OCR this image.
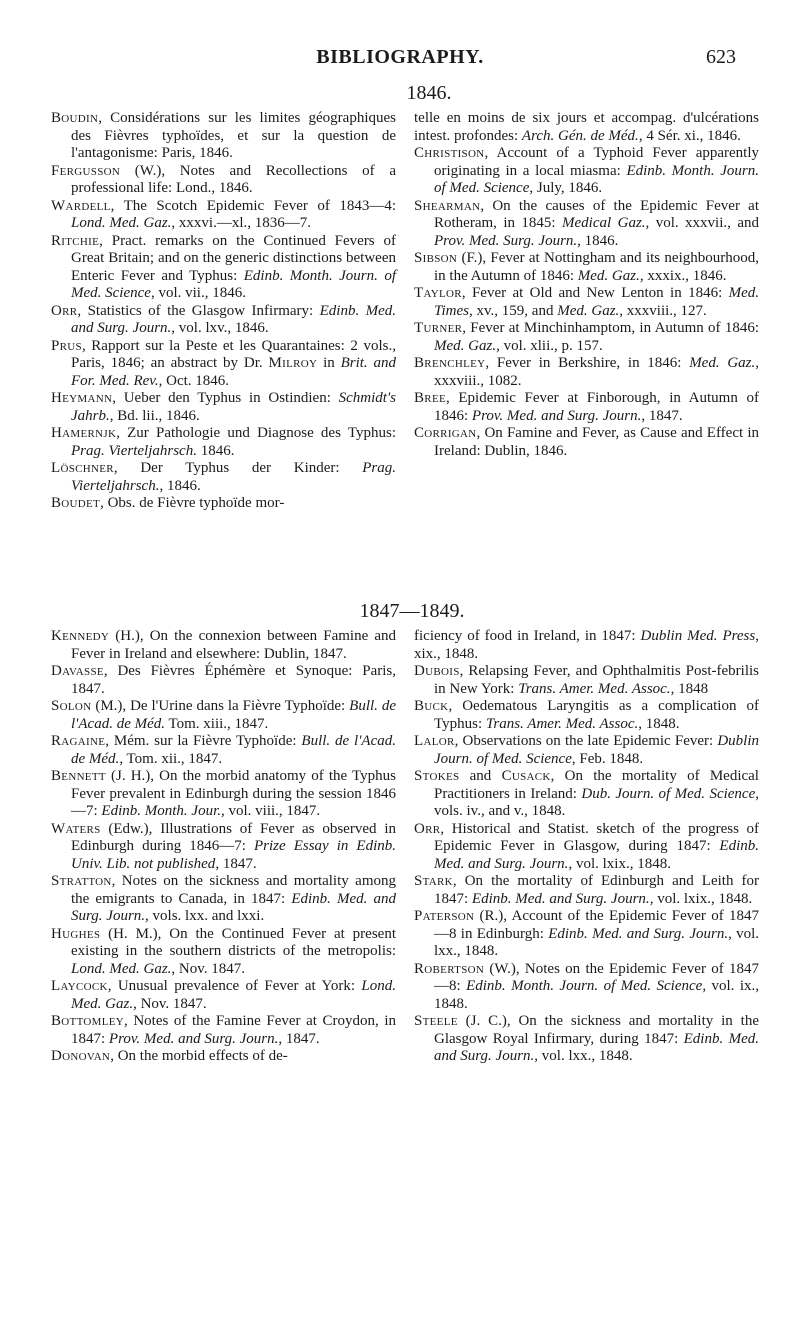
BIBLIOGRAPHY.	623
1846.

Boudin, Considérations sur les limites géographiques des Fièvres typhoïdes, et sur la question de l'antagonisme: Paris, 1846.

Fergusson (W.), Notes and Recollections of a professional life: Lond., 1846.

Wardell, The Scotch Epidemic Fever of 1843—4: Lond. Med. Gaz., xxxvi.—xl., 1836—7.

Ritchie, Pract. remarks on the Continued Fevers of Great Britain; and on the generic distinctions between Enteric Fever and Typhus: Edinb. Month. Journ. of Med. Science, vol. vii., 1846.

Orr, Statistics of the Glasgow Infirmary: Edinb. Med. and Surg. Journ., vol. lxv., 1846.

Prus, Rapport sur la Peste et les Quarantaines: 2 vols., Paris, 1846; an abstract by Dr. Milroy in Brit. and For. Med. Rev., Oct. 1846.

Heymann, Ueber den Typhus in Ostindien: Schmidt's Jahrb., Bd. lii., 1846.

Hamernjk, Zur Pathologie und Diagnose des Typhus: Prag. Vierteljahrsch. 1846.

Löschner, Der Typhus der Kinder: Prag. Vierteljahrsch., 1846.

Boudet, Obs. de Fièvre typhoïde mor-

telle en moins de six jours et accompag. d'ulcérations intest. profondes: Arch. Gén. de Méd., 4 Sér. xi., 1846.

Christison, Account of a Typhoid Fever apparently originating in a local miasma: Edinb. Month. Journ. of Med. Science, July, 1846.

Shearman, On the causes of the Epidemic Fever at Rotheram, in 1845: Medical Gaz., vol. xxxvii., and Prov. Med. Surg. Journ., 1846.

Sibson (F.), Fever at Nottingham and its neighbourhood, in the Autumn of 1846: Med. Gaz., xxxix., 1846.

Taylor, Fever at Old and New Lenton in 1846: Med. Times, xv., 159, and Med. Gaz., xxxviii., 127.

Turner, Fever at Minchinhamptom, in Autumn of 1846: Med. Gaz., vol. xlii., p. 157.

Brenchley, Fever in Berkshire, in 1846: Med. Gaz., xxxviii., 1082.

Bree, Epidemic Fever at Finborough, in Autumn of 1846: Prov. Med. and Surg. Journ., 1847.

Corrigan, On Famine and Fever, as Cause and Effect in Ireland: Dublin, 1846.

1847—1849.

Kennedy (H.), On the connexion between Famine and Fever in Ireland and elsewhere: Dublin, 1847.

Davasse, Des Fièvres Éphémère et Synoque: Paris, 1847.

Solon (M.), De l'Urine dans la Fièvre Typhoïde: Bull. de l'Acad. de Méd. Tom. xiii., 1847.

Ragaine, Mém. sur la Fièvre Typhoïde: Bull. de l'Acad. de Méd., Tom. xii., 1847.

Bennett (J. H.), On the morbid anatomy of the Typhus Fever prevalent in Edinburgh during the session 1846—7: Edinb. Month. Jour., vol. viii., 1847.

Waters (Edw.), Illustrations of Fever as observed in Edinburgh during 1846—7: Prize Essay in Edinb. Univ. Lib. not published, 1847.

Stratton, Notes on the sickness and mortality among the emigrants to Canada, in 1847: Edinb. Med. and Surg. Journ., vols. lxx. and lxxi.

Hughes (H. M.), On the Continued Fever at present existing in the southern districts of the metropolis: Lond. Med. Gaz., Nov. 1847.

Laycock, Unusual prevalence of Fever at York: Lond. Med. Gaz., Nov. 1847.

Bottomley, Notes of the Famine Fever at Croydon, in 1847: Prov. Med. and Surg. Journ., 1847.

Donovan, On the morbid effects of de-

ficiency of food in Ireland, in 1847: Dublin Med. Press, xix., 1848.

Dubois, Relapsing Fever, and Ophthalmitis Post-febrilis in New York: Trans. Amer. Med. Assoc., 1848

Buck, Oedematous Laryngitis as a complication of Typhus: Trans. Amer. Med. Assoc., 1848.

Lalor, Observations on the late Epidemic Fever: Dublin Journ. of Med. Science, Feb. 1848.

Stokes and Cusack, On the mortality of Medical Practitioners in Ireland: Dub. Journ. of Med. Science, vols. iv., and v., 1848.

Orr, Historical and Statist. sketch of the progress of Epidemic Fever in Glasgow, during 1847: Edinb. Med. and Surg. Journ., vol. lxix., 1848.

Stark, On the mortality of Edinburgh and Leith for 1847: Edinb. Med. and Surg. Journ., vol. lxix., 1848.

Paterson (R.), Account of the Epidemic Fever of 1847—8 in Edinburgh: Edinb. Med. and Surg. Journ., vol. lxx., 1848.

Robertson (W.), Notes on the Epidemic Fever of 1847—8: Edinb. Month. Journ. of Med. Science, vol. ix., 1848.

Steele (J. C.), On the sickness and mortality in the Glasgow Royal Infirmary, during 1847: Edinb. Med. and Surg. Journ., vol. lxx., 1848.
